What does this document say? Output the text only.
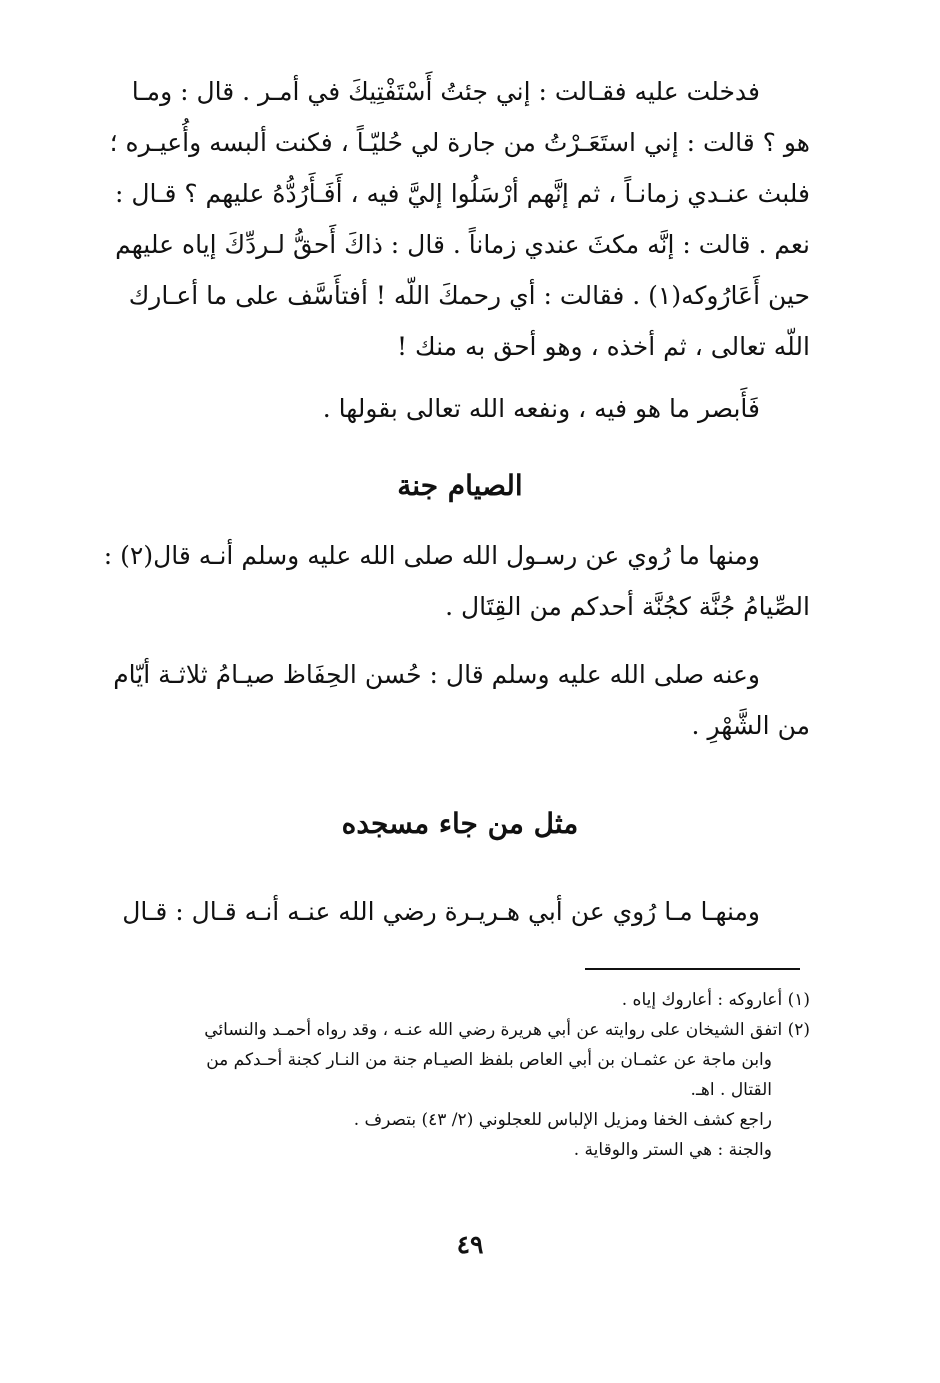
فدخلت عليه فقـالت : إني جئتُ أَسْتَفْتِيكَ في أمـر . قال : ومـا
هو ؟ قالت : إني استَعَـرْتُ من جارة لي حُليّـاً ، فكنت ألبسه وأُعيـره ؛
فلبث عنـدي زمانـاً ، ثم إنَّهم أرْسَلُوا إليَّ فيه ، أَفَـأَرُدُّهُ عليهم ؟ قـال :
نعم . قالت : إنَّه مكثَ عندي زماناً . قال : ذاكَ أَحقُّ لـردِّكَ إياه عليهم
حين أَعَارُوكه(١) . فقالت : أي رحمكَ اللّه ! أفتأَسَّف على ما أعـارك
اللّه تعالى ، ثم أخذه ، وهو أحق به منك !
فَأَبصر ما هو فيه ، ونفعه الله تعالى بقولها .
الصيام جنة
ومنها ما رُوي عن رسـول الله صلى الله عليه وسلم أنـه قال(٢) :
الصِّيامُ جُنَّة كجُنَّة أحدكم من القِتَال .
وعنه صلى الله عليه وسلم قال : حُسن الحِفَاظ صيـامُ ثلاثـة أيّام
من الشَّهْرِ .
مثل من جاء مسجده
ومنهـا مـا رُوي عن أبي هـريـرة رضي الله عنـه أنـه قـال : قـال
(١) أعاروكه : أعاروك إياه .
(٢) اتفق الشيخان على روايته عن أبي هريرة رضي الله عنـه ، وقد رواه أحمـد والنسائي
وابن ماجة عن عثمـان بن أبي العاص بلفظ الصيـام جنة من النـار كجنة أحـدكم من
القتال . اهـ.
راجع كشف الخفا ومزيل الإلباس للعجلوني (٢/ ٤٣) بتصرف .
والجنة : هي الستر والوقاية .
٤٩
